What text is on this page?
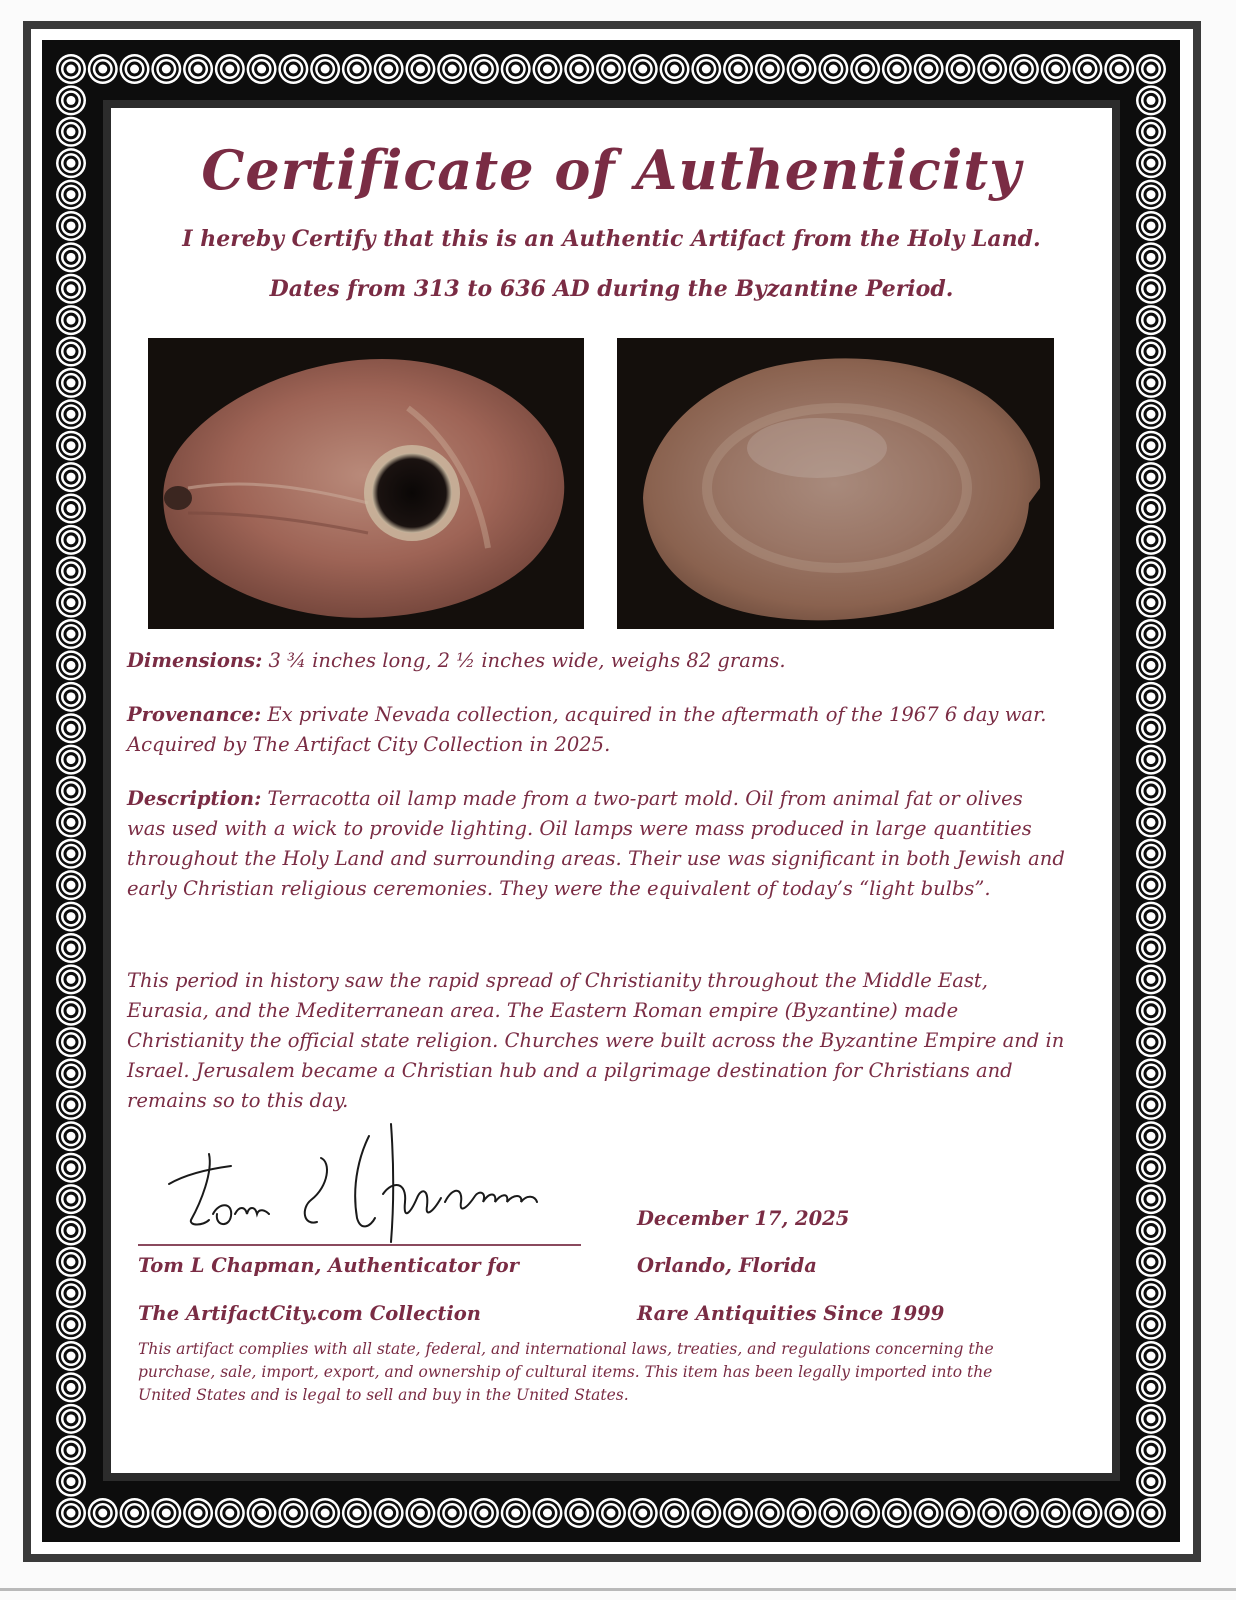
Certificate of Authenticity
I hereby Certify that this is an Authentic Artifact from the Holy Land.
Dates from 313 to 636 AD during the Byzantine Period.
Dimensions: 3 ¾ inches long, 2 ½ inches wide, weighs 82 grams.
Provenance: Ex private Nevada collection, acquired in the aftermath of the 1967 6 day war. Acquired by The Artifact City Collection in 2025.
Description: Terracotta oil lamp made from a two-part mold. Oil from animal fat or olives was used with a wick to provide lighting. Oil lamps were mass produced in large quantities throughout the Holy Land and surrounding areas. Their use was significant in both Jewish and early Christian religious ceremonies. They were the equivalent of today’s “light bulbs”.
This period in history saw the rapid spread of Christianity throughout the Middle East, Eurasia, and the Mediterranean area. The Eastern Roman empire (Byzantine) made Christianity the official state religion. Churches were built across the Byzantine Empire and in Israel. Jerusalem became a Christian hub and a pilgrimage destination for Christians and remains so to this day.
Tom L Chapman, Authenticator for
The ArtifactCity.com Collection
December 17, 2025
Orlando, Florida
Rare Antiquities Since 1999
This artifact complies with all state, federal, and international laws, treaties, and regulations concerning the purchase, sale, import, export, and ownership of cultural items. This item has been legally imported into the United States and is legal to sell and buy in the United States.
